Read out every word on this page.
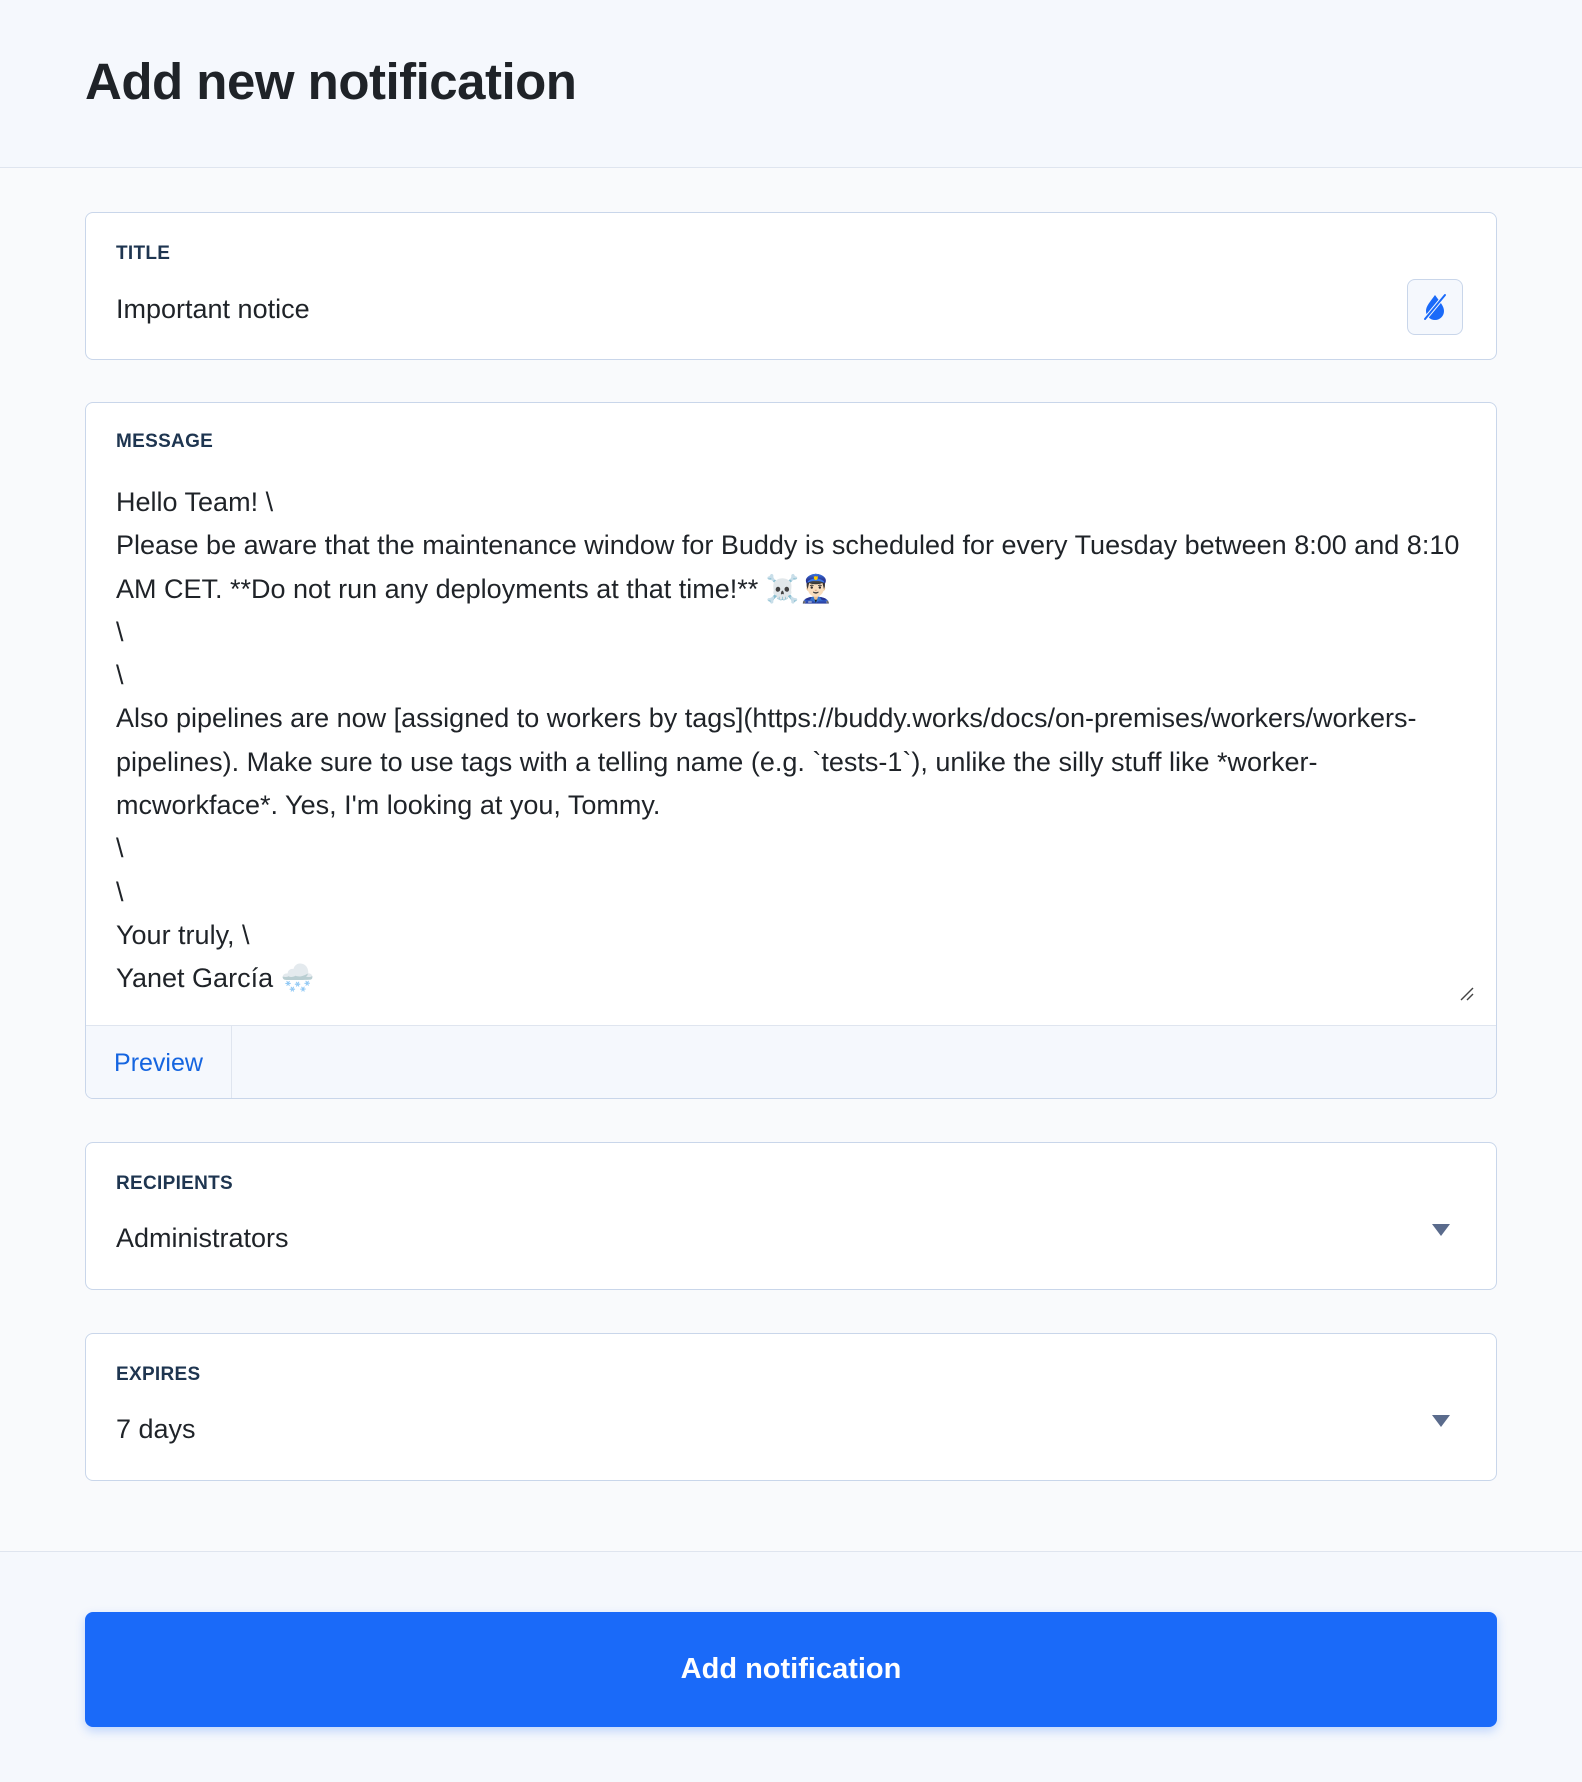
Add new notification
TITLE
Important notice
MESSAGE
Hello Team! \
Please be aware that the maintenance window for Buddy is scheduled for every Tuesday between 8:00 and 8:10 AM CET. **Do not run any deployments at that time!** ☠️👮🏻‍♂️
\
\
Also pipelines are now [assigned to workers by tags](https://buddy.works/docs/on-premises/workers/workers-pipelines). Make sure to use tags with a telling name (e.g. `tests-1`), unlike the silly stuff like *worker-mcworkface*. Yes, I'm looking at you, Tommy.
\
\
Your truly, \
Yanet García 🌨️
Preview
RECIPIENTS
Administrators
EXPIRES
7 days
Add notification
